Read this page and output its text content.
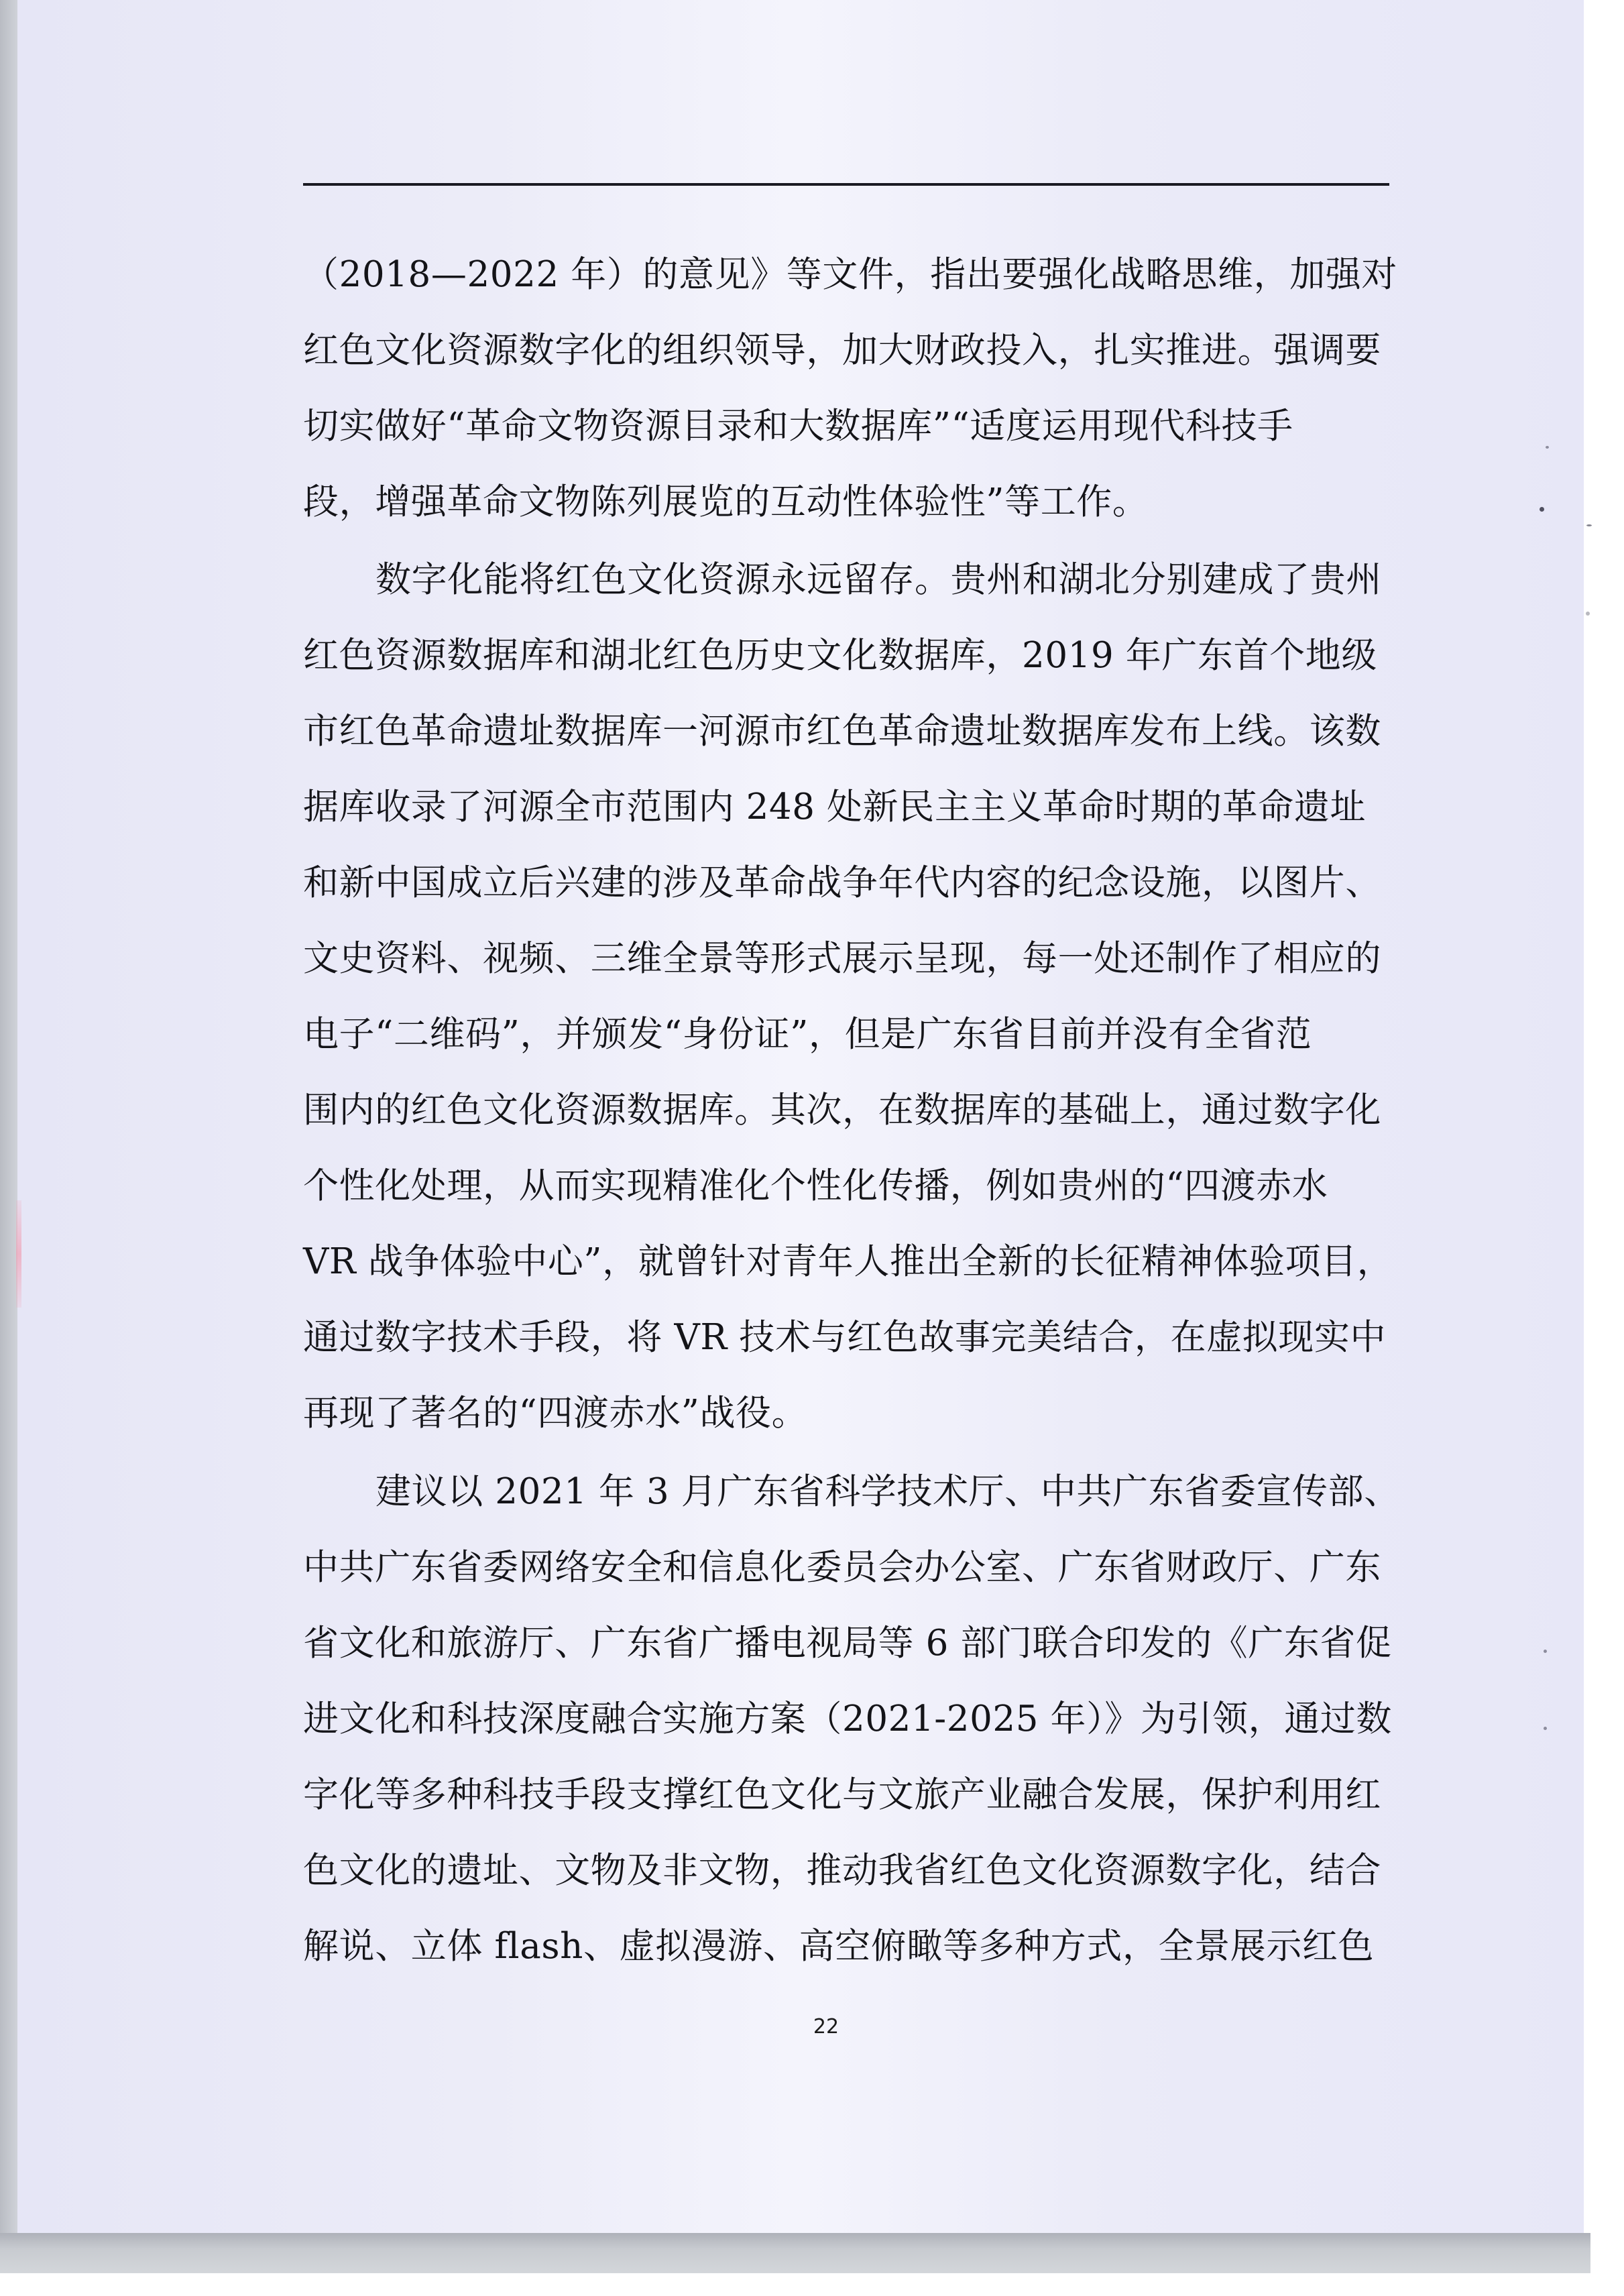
（2018—2022 年）的意见》等文件，指出要强化战略思维，加强对
红色文化资源数字化的组织领导，加大财政投入，扎实推进。强调要
切实做好“革命文物资源目录和大数据库”“适度运用现代科技手
段，增强革命文物陈列展览的互动性体验性”等工作。
数字化能将红色文化资源永远留存。贵州和湖北分别建成了贵州
红色资源数据库和湖北红色历史文化数据库，2019 年广东首个地级
市红色革命遗址数据库一河源市红色革命遗址数据库发布上线。该数
据库收录了河源全市范围内 248 处新民主主义革命时期的革命遗址
和新中国成立后兴建的涉及革命战争年代内容的纪念设施，以图片、
文史资料、视频、三维全景等形式展示呈现，每一处还制作了相应的
电子“二维码”，并颁发“身份证”，但是广东省目前并没有全省范
围内的红色文化资源数据库。其次，在数据库的基础上，通过数字化
个性化处理，从而实现精准化个性化传播，例如贵州的“四渡赤水
VR 战争体验中心”，就曾针对青年人推出全新的长征精神体验项目，
通过数字技术手段，将 VR 技术与红色故事完美结合，在虚拟现实中
再现了著名的“四渡赤水”战役。
建议以 2021 年 3 月广东省科学技术厅、中共广东省委宣传部、
中共广东省委网络安全和信息化委员会办公室、广东省财政厅、广东
省文化和旅游厅、广东省广播电视局等 6 部门联合印发的《广东省促
进文化和科技深度融合实施方案（2021-2025 年）》为引领，通过数
字化等多种科技手段支撑红色文化与文旅产业融合发展，保护利用红
色文化的遗址、文物及非文物，推动我省红色文化资源数字化，结合
解说、立体 flash、虚拟漫游、高空俯瞰等多种方式，全景展示红色
22
